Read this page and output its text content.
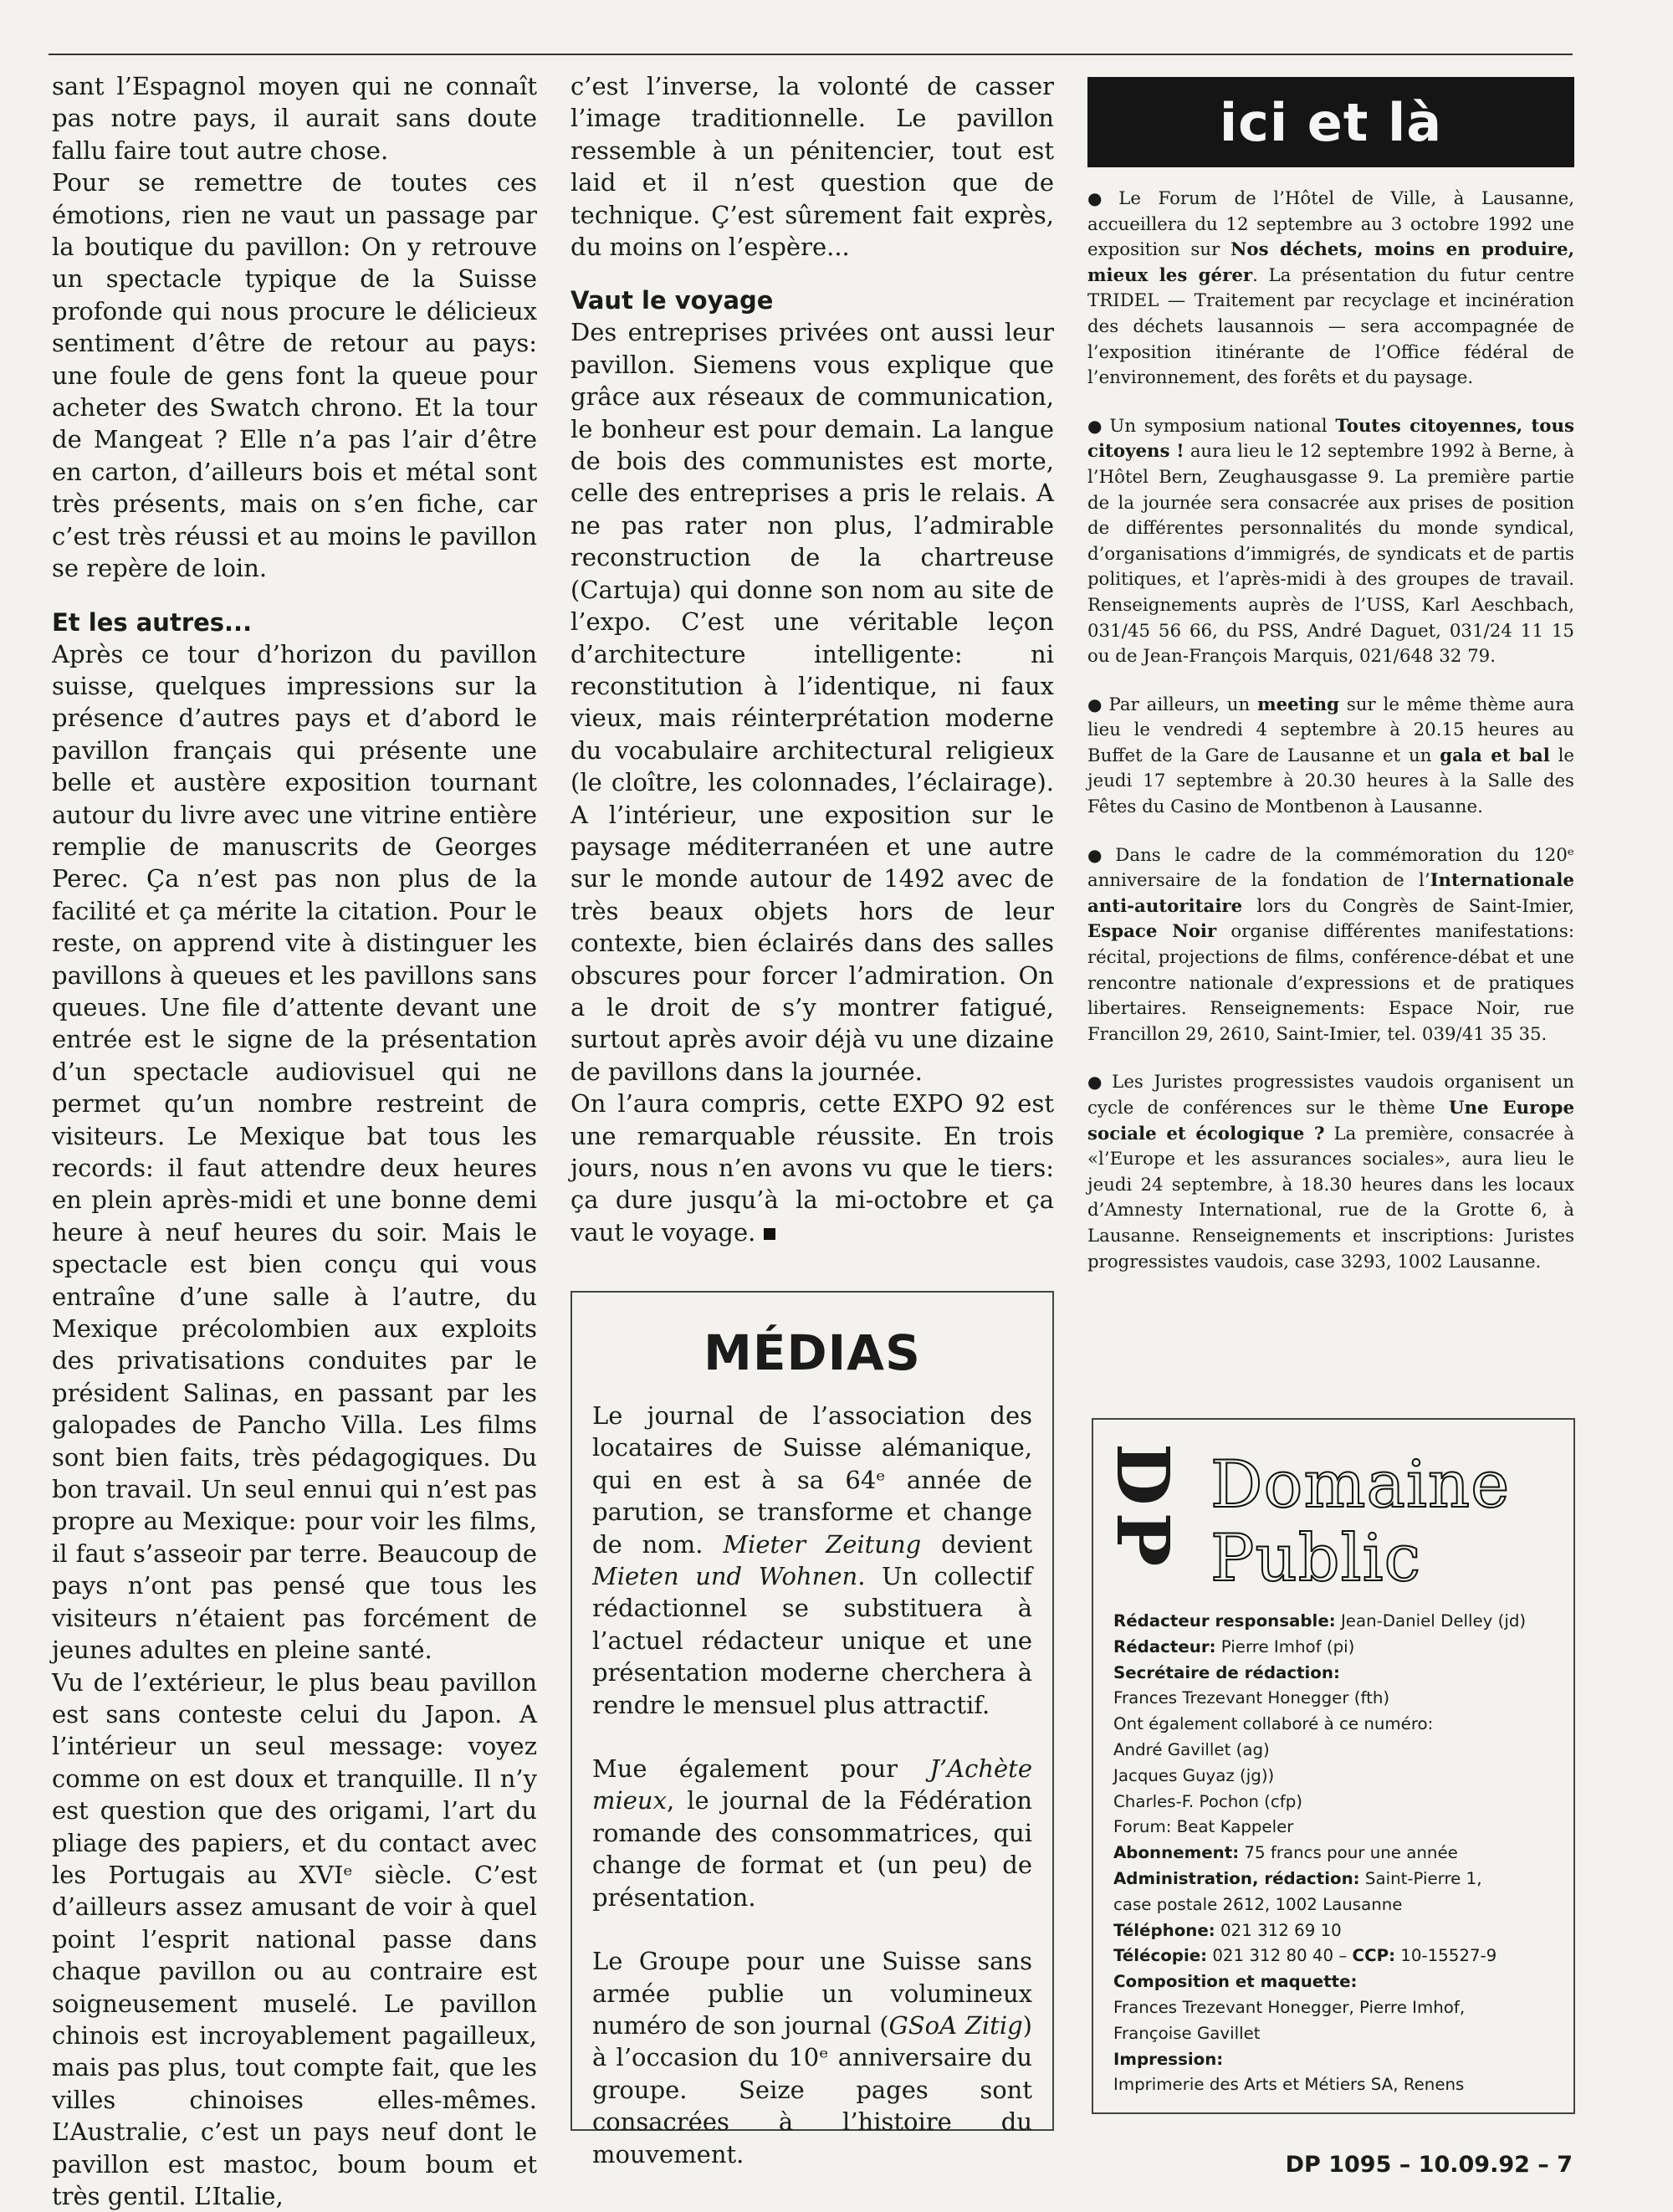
sant l’Espagnol moyen qui ne connaît pas notre pays, il aurait sans doute fallu faire tout autre chose.

Pour se remettre de toutes ces émotions, rien ne vaut un passage par la boutique du pavillon: On y retrouve un spectacle typique de la Suisse profonde qui nous procure le délicieux sentiment d’être de retour au pays: une foule de gens font la queue pour acheter des Swatch chrono. Et la tour de Mangeat ? Elle n’a pas l’air d’être en carton, d’ailleurs bois et métal sont très présents, mais on s’en fiche, car c’est très réussi et au moins le pavillon se repère de loin.

Et les autres...

Après ce tour d’horizon du pavillon suisse, quelques impressions sur la présence d’autres pays et d’abord le pavillon français qui présente une belle et austère exposition tournant autour du livre avec une vitrine entière remplie de manuscrits de Georges Perec. Ça n’est pas non plus de la facilité et ça mérite la citation. Pour le reste, on apprend vite à distinguer les pavillons à queues et les pavillons sans queues. Une file d’attente devant une entrée est le signe de la présentation d’un spectacle audiovisuel qui ne permet qu’un nombre restreint de visiteurs. Le Mexique bat tous les records: il faut attendre deux heures en plein après-midi et une bonne demi heure à neuf heures du soir. Mais le spectacle est bien conçu qui vous entraîne d’une salle à l’autre, du Mexique précolombien aux exploits des privatisations conduites par le président Salinas, en passant par les galopades de Pancho Villa. Les films sont bien faits, très pédagogiques. Du bon travail. Un seul ennui qui n’est pas propre au Mexique: pour voir les films, il faut s’asseoir par terre. Beaucoup de pays n’ont pas pensé que tous les visiteurs n’étaient pas forcément de jeunes adultes en pleine santé.

Vu de l’extérieur, le plus beau pavillon est sans conteste celui du Japon. A l’intérieur un seul message: voyez comme on est doux et tranquille. Il n’y est question que des origami, l’art du pliage des papiers, et du contact avec les Portugais au XVIᵉ siècle. C’est d’ailleurs assez amusant de voir à quel point l’esprit national passe dans chaque pavillon ou au contraire est soigneusement muselé. Le pavillon chinois est incroyablement pagailleux, mais pas plus, tout compte fait, que les villes chinoises elles-mêmes. L’Australie, c’est un pays neuf dont le pavillon est mastoc, boum boum et très gentil. L’Italie,

c’est l’inverse, la volonté de casser l’image traditionnelle. Le pavillon ressemble à un pénitencier, tout est laid et il n’est question que de technique. Ç’est sûrement fait exprès, du moins on l’espère...

Vaut le voyage

Des entreprises privées ont aussi leur pavillon. Siemens vous explique que grâce aux réseaux de communication, le bonheur est pour demain. La langue de bois des communistes est morte, celle des entreprises a pris le relais. A ne pas rater non plus, l’admirable reconstruction de la chartreuse (Cartuja) qui donne son nom au site de l’expo. C’est une véritable leçon d’architecture intelligente: ni reconstitution à l’identique, ni faux vieux, mais réinterprétation moderne du vocabulaire architectural religieux (le cloître, les colonnades, l’éclairage). A l’intérieur, une exposition sur le paysage méditerranéen et une autre sur le monde autour de 1492 avec de très beaux objets hors de leur contexte, bien éclairés dans des salles obscures pour forcer l’admiration. On a le droit de s’y montrer fatigué, surtout après avoir déjà vu une dizaine de pavillons dans la journée.

On l’aura compris, cette EXPO 92 est une remarquable réussite. En trois jours, nous n’en avons vu que le tiers: ça dure jusqu’à la mi-octobre et ça vaut le voyage.

MÉDIAS

Le journal de l’association des locataires de Suisse alémanique, qui en est à sa 64ᵉ année de parution, se transforme et change de nom. Mieter Zeitung devient Mieten und Wohnen. Un collectif rédactionnel se substituera à l’actuel rédacteur unique et une présentation moderne cherchera à rendre le mensuel plus attractif.

Mue également pour J’Achète mieux, le journal de la Fédération romande des consommatrices, qui change de format et (un peu) de présentation.

Le Groupe pour une Suisse sans armée publie un volumineux numéro de son journal (GSoA Zitig) à l’occasion du 10ᵉ anniversaire du groupe. Seize pages sont consacrées à l’histoire du mouvement.

ici et là

● Le Forum de l’Hôtel de Ville, à Lausanne, accueillera du 12 septembre au 3 octobre 1992 une exposition sur Nos déchets, moins en produire, mieux les gérer. La présentation du futur centre TRIDEL — Traitement par recyclage et incinération des déchets lausannois — sera accompagnée de l’exposition itinérante de l’Office fédéral de l’environnement, des forêts et du paysage.

● Un symposium national Toutes citoyennes, tous citoyens ! aura lieu le 12 septembre 1992 à Berne, à l’Hôtel Bern, Zeughausgasse 9. La première partie de la journée sera consacrée aux prises de position de différentes personnalités du monde syndical, d’organisations d’immigrés, de syndicats et de partis politiques, et l’après-midi à des groupes de travail. Renseignements auprès de l’USS, Karl Aeschbach, 031/45 56 66, du PSS, André Daguet, 031/24 11 15 ou de Jean-François Marquis, 021/648 32 79.

● Par ailleurs, un meeting sur le même thème aura lieu le vendredi 4 septembre à 20.15 heures au Buffet de la Gare de Lausanne et un gala et bal le jeudi 17 septembre à 20.30 heures à la Salle des Fêtes du Casino de Montbenon à Lausanne.

● Dans le cadre de la commémoration du 120ᵉ anniversaire de la fondation de l’Internationale anti-autoritaire lors du Congrès de Saint-Imier, Espace Noir organise différentes manifestations: récital, projections de films, conférence-débat et une rencontre nationale d’expressions et de pratiques libertaires. Renseignements: Espace Noir, rue Francillon 29, 2610, Saint-Imier, tel. 039/41 35 35.

● Les Juristes progressistes vaudois organisent un cycle de conférences sur le thème Une Europe sociale et écologique ? La première, consacrée à «l’Europe et les assurances sociales», aura lieu le jeudi 24 septembre, à 18.30 heures dans les locaux d’Amnesty International, rue de la Grotte 6, à Lausanne. Renseignements et inscriptions: Juristes progressistes vaudois, case 3293, 1002 Lausanne.

DP Domaine
Public
Rédacteur responsable: Jean-Daniel Delley (jd)
Rédacteur: Pierre Imhof (pi)
Secrétaire de rédaction:
Frances Trezevant Honegger (fth)
Ont également collaboré à ce numéro:
André Gavillet (ag)
Jacques Guyaz (jg))
Charles-F. Pochon (cfp)
Forum: Beat Kappeler
Abonnement: 75 francs pour une année
Administration, rédaction: Saint-Pierre 1,
case postale 2612, 1002 Lausanne
Téléphone: 021 312 69 10
Télécopie: 021 312 80 40 – CCP: 10-15527-9
Composition et maquette:
Frances Trezevant Honegger, Pierre Imhof,
Françoise Gavillet
Impression:
Imprimerie des Arts et Métiers SA, Renens
DP 1095 – 10.09.92 – 7
